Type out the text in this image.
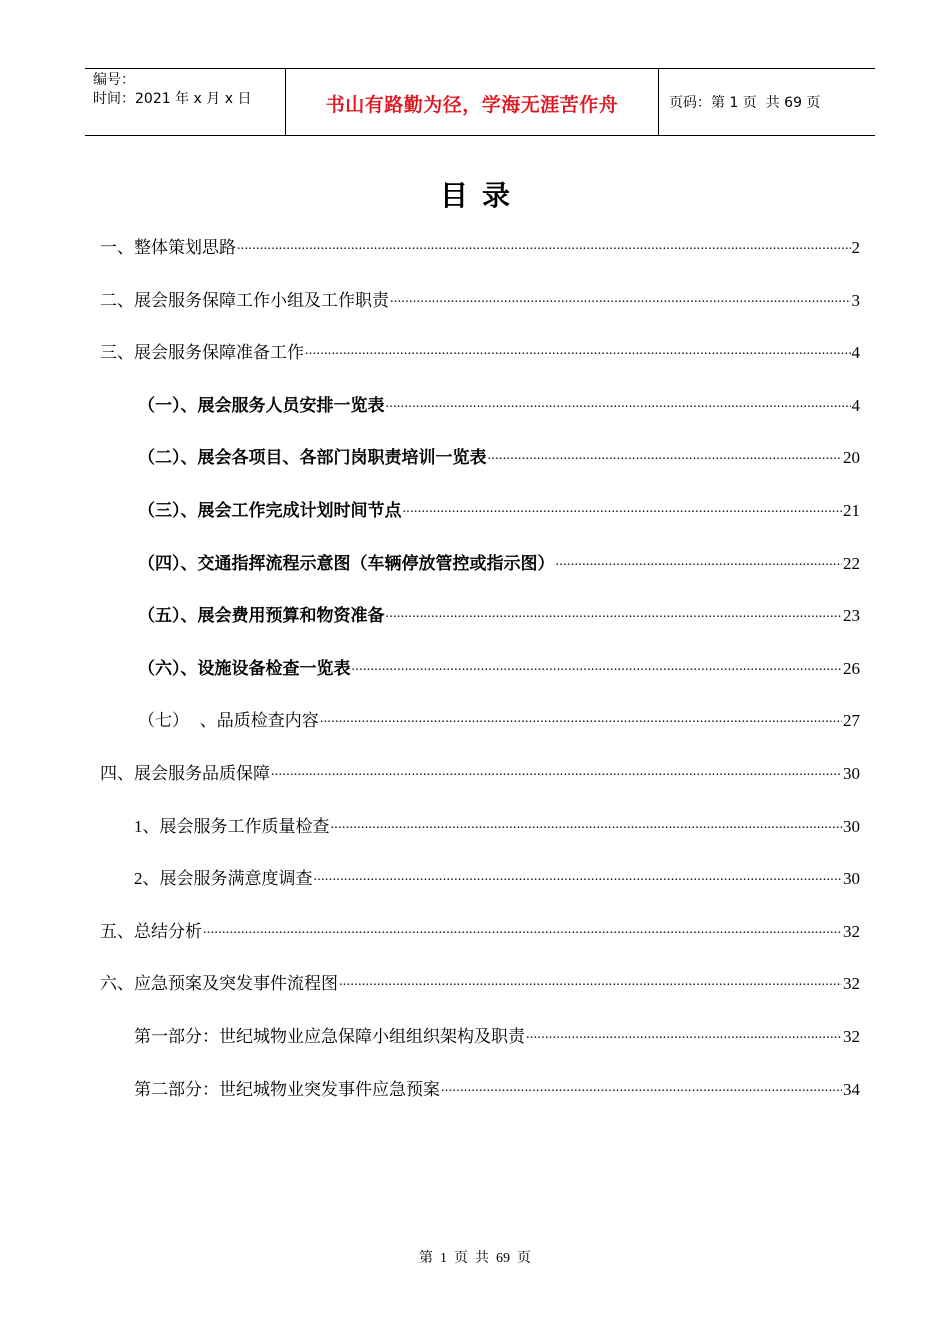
编号：
时间：2021 年 x 月 x 日	书山有路勤为径，学海无涯苦作舟	页码：第 1 页  共 69 页
目录
一、整体策划思路 .....	2
二、展会服务保障工作小组及工作职责 .....	3
三、展会服务保障准备工作 .....	4
（一）、展会服务人员安排一览表 .....	4
（二）、展会各项目、各部门岗职责培训一览表 .....	20
（三）、展会工作完成计划时间节点 .....	21
（四）、交通指挥流程示意图（车辆停放管控或指示图） .....	22
（五）、展会费用预算和物资准备 .....	23
（六）、设施设备检查一览表 .....	26
（七）  、品质检查内容 .....	27
四、展会服务品质保障 .....	30
1、展会服务工作质量检查 .....	30
2、展会服务满意度调查 .....	30
五、总结分析 .....	32
六、应急预案及突发事件流程图 .....	32
第一部分：世纪城物业应急保障小组组织架构及职责 .....	32
第二部分：世纪城物业突发事件应急预案 .....	34
第  1  页  共  69  页
